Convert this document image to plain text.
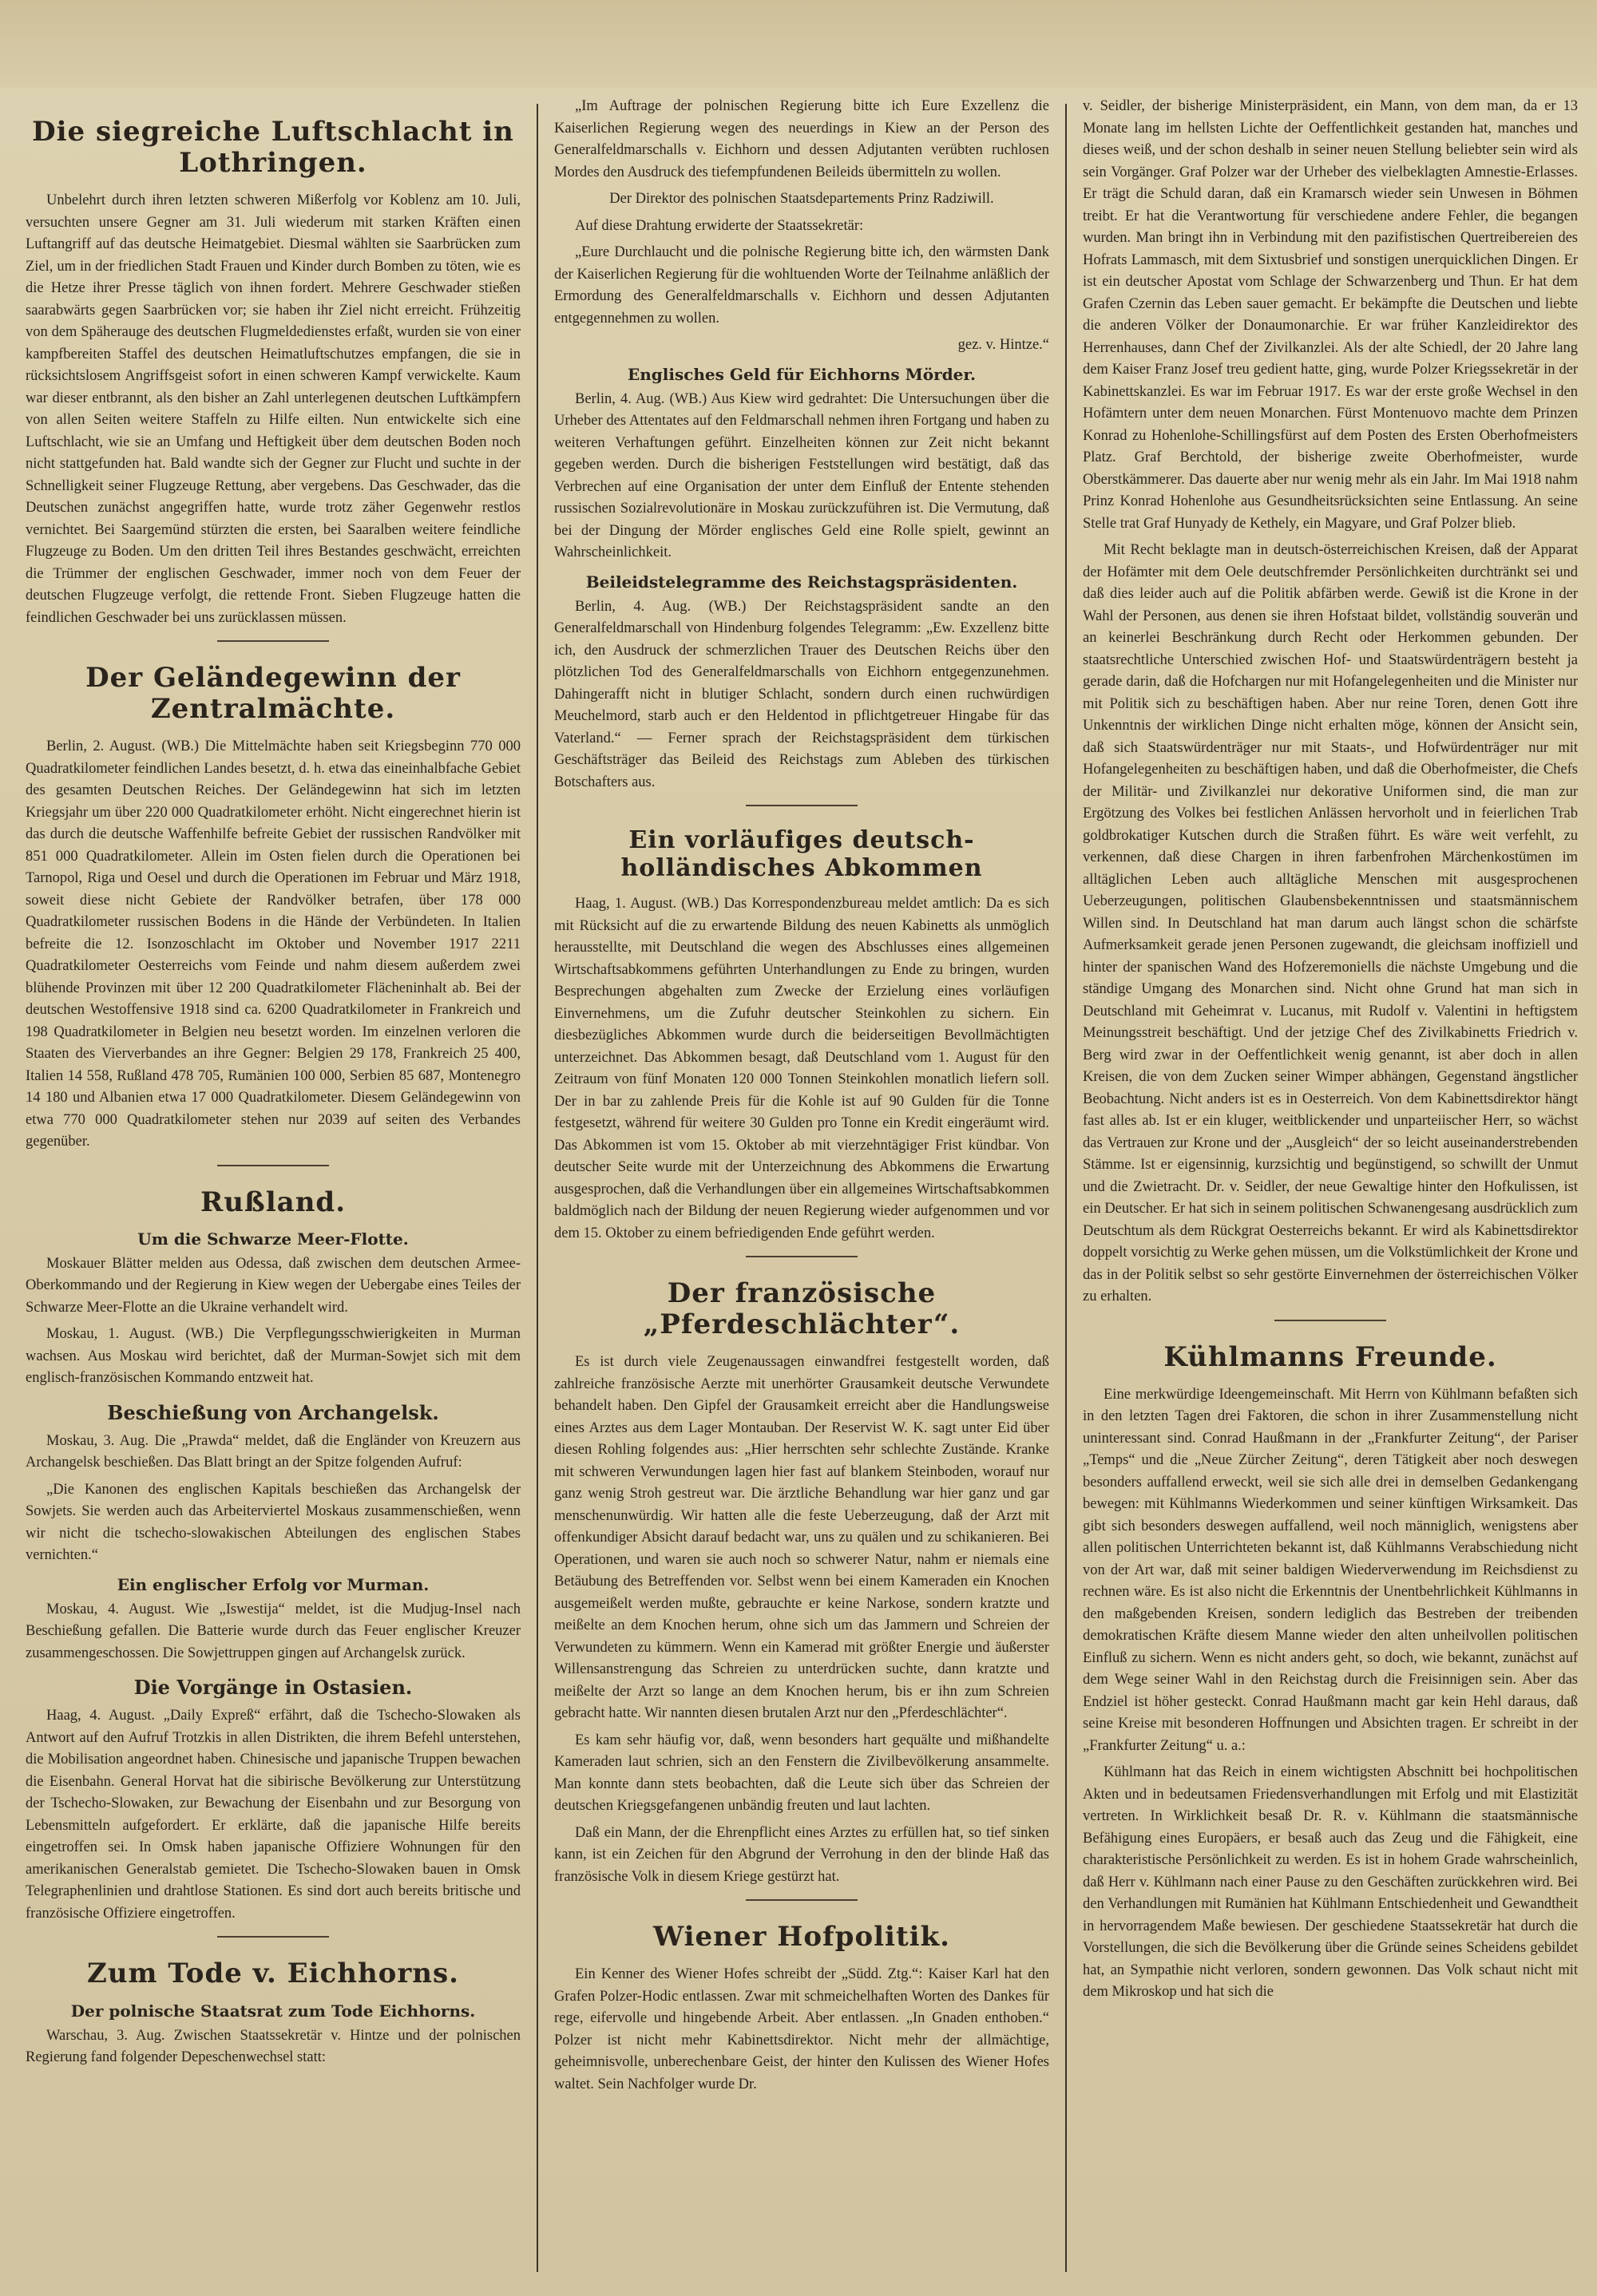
Die siegreiche Luftschlacht in Lothringen.

Unbelehrt durch ihren letzten schweren Mißerfolg vor Koblenz am 10. Juli, versuchten unsere Gegner am 31. Juli wiederum mit starken Kräften einen Luftangriff auf das deutsche Heimatgebiet. Diesmal wählten sie Saarbrücken zum Ziel, um in der friedlichen Stadt Frauen und Kinder durch Bomben zu töten, wie es die Hetze ihrer Presse täglich von ihnen fordert. Mehrere Geschwader stießen saarabwärts gegen Saarbrücken vor; sie haben ihr Ziel nicht erreicht. Frühzeitig von dem Späherauge des deutschen Flugmeldedienstes erfaßt, wurden sie von einer kampfbereiten Staffel des deutschen Heimatluftschutzes empfangen, die sie in rücksichtslosem Angriffsgeist sofort in einen schweren Kampf verwickelte. Kaum war dieser entbrannt, als den bisher an Zahl unterlegenen deutschen Luftkämpfern von allen Seiten weitere Staffeln zu Hilfe eilten. Nun entwickelte sich eine Luftschlacht, wie sie an Umfang und Heftigkeit über dem deutschen Boden noch nicht stattgefunden hat. Bald wandte sich der Gegner zur Flucht und suchte in der Schnelligkeit seiner Flugzeuge Rettung, aber vergebens. Das Geschwader, das die Deutschen zunächst angegriffen hatte, wurde trotz zäher Gegenwehr restlos vernichtet. Bei Saargemünd stürzten die ersten, bei Saaralben weitere feindliche Flugzeuge zu Boden. Um den dritten Teil ihres Bestandes geschwächt, erreichten die Trümmer der englischen Geschwader, immer noch von dem Feuer der deutschen Flugzeuge verfolgt, die rettende Front. Sieben Flugzeuge hatten die feindlichen Geschwader bei uns zurücklassen müssen.

Der Geländegewinn der Zentralmächte.

Berlin, 2. August. (WB.) Die Mittelmächte haben seit Kriegsbeginn 770 000 Quadratkilometer feindlichen Landes besetzt, d. h. etwa das eineinhalbfache Gebiet des gesamten Deutschen Reiches. Der Geländegewinn hat sich im letzten Kriegsjahr um über 220 000 Quadratkilometer erhöht. Nicht eingerechnet hierin ist das durch die deutsche Waffenhilfe befreite Gebiet der russischen Randvölker mit 851 000 Quadratkilometer. Allein im Osten fielen durch die Operationen bei Tarnopol, Riga und Oesel und durch die Operationen im Februar und März 1918, soweit diese nicht Gebiete der Randvölker betrafen, über 178 000 Quadratkilometer russischen Bodens in die Hände der Verbündeten. In Italien befreite die 12. Isonzoschlacht im Oktober und November 1917 2211 Quadratkilometer Oesterreichs vom Feinde und nahm diesem außerdem zwei blühende Provinzen mit über 12 200 Quadratkilometer Flächeninhalt ab. Bei der deutschen Westoffensive 1918 sind ca. 6200 Quadratkilometer in Frankreich und 198 Quadratkilometer in Belgien neu besetzt worden. Im einzelnen verloren die Staaten des Vierverbandes an ihre Gegner: Belgien 29 178, Frankreich 25 400, Italien 14 558, Rußland 478 705, Rumänien 100 000, Serbien 85 687, Montenegro 14 180 und Albanien etwa 17 000 Quadratkilometer. Diesem Geländegewinn von etwa 770 000 Quadratkilometer stehen nur 2039 auf seiten des Verbandes gegenüber.

Rußland.
Um die Schwarze Meer-Flotte.

Moskauer Blätter melden aus Odessa, daß zwischen dem deutschen Armee-Oberkommando und der Regierung in Kiew wegen der Uebergabe eines Teiles der Schwarze Meer-Flotte an die Ukraine verhandelt wird.

Moskau, 1. August. (WB.) Die Verpflegungsschwierigkeiten in Murman wachsen. Aus Moskau wird berichtet, daß der Murman-Sowjet sich mit dem englisch-französischen Kommando entzweit hat.

Beschießung von Archangelsk.

Moskau, 3. Aug. Die „Prawda“ meldet, daß die Engländer von Kreuzern aus Archangelsk beschießen. Das Blatt bringt an der Spitze folgenden Aufruf:

„Die Kanonen des englischen Kapitals beschießen das Archangelsk der Sowjets. Sie werden auch das Arbeiterviertel Moskaus zusammenschießen, wenn wir nicht die tschecho-slowakischen Abteilungen des englischen Stabes vernichten.“

Ein englischer Erfolg vor Murman.

Moskau, 4. August. Wie „Iswestija“ meldet, ist die Mudjug-Insel nach Beschießung gefallen. Die Batterie wurde durch das Feuer englischer Kreuzer zusammengeschossen. Die Sowjettruppen gingen auf Archangelsk zurück.

Die Vorgänge in Ostasien.

Haag, 4. August. „Daily Expreß“ erfährt, daß die Tschecho-Slowaken als Antwort auf den Aufruf Trotzkis in allen Distrikten, die ihrem Befehl unterstehen, die Mobilisation angeordnet haben. Chinesische und japanische Truppen bewachen die Eisenbahn. General Horvat hat die sibirische Bevölkerung zur Unterstützung der Tschecho-Slowaken, zur Bewachung der Eisenbahn und zur Besorgung von Lebensmitteln aufgefordert. Er erklärte, daß die japanische Hilfe bereits eingetroffen sei. In Omsk haben japanische Offiziere Wohnungen für den amerikanischen Generalstab gemietet. Die Tschecho-Slowaken bauen in Omsk Telegraphenlinien und drahtlose Stationen. Es sind dort auch bereits britische und französische Offiziere eingetroffen.

Zum Tode v. Eichhorns.
Der polnische Staatsrat zum Tode Eichhorns.

Warschau, 3. Aug. Zwischen Staatssekretär v. Hintze und der polnischen Regierung fand folgender Depeschenwechsel statt:

„Im Auftrage der polnischen Regierung bitte ich Eure Exzellenz die Kaiserlichen Regierung wegen des neuerdings in Kiew an der Person des Generalfeldmarschalls v. Eichhorn und dessen Adjutanten verübten ruchlosen Mordes den Ausdruck des tiefempfundenen Beileids übermitteln zu wollen.

Der Direktor des polnischen Staatsdepartements Prinz Radziwill.

Auf diese Drahtung erwiderte der Staatssekretär:

„Eure Durchlaucht und die polnische Regierung bitte ich, den wärmsten Dank der Kaiserlichen Regierung für die wohltuenden Worte der Teilnahme anläßlich der Ermordung des Generalfeldmarschalls v. Eichhorn und dessen Adjutanten entgegennehmen zu wollen.

gez. v. Hintze.“

Englisches Geld für Eichhorns Mörder.

Berlin, 4. Aug. (WB.) Aus Kiew wird gedrahtet: Die Untersuchungen über die Urheber des Attentates auf den Feldmarschall nehmen ihren Fortgang und haben zu weiteren Verhaftungen geführt. Einzelheiten können zur Zeit nicht bekannt gegeben werden. Durch die bisherigen Feststellungen wird bestätigt, daß das Verbrechen auf eine Organisation der unter dem Einfluß der Entente stehenden russischen Sozialrevolutionäre in Moskau zurückzuführen ist. Die Vermutung, daß bei der Dingung der Mörder englisches Geld eine Rolle spielt, gewinnt an Wahrscheinlichkeit.

Beileidstelegramme des Reichstagspräsidenten.

Berlin, 4. Aug. (WB.) Der Reichstagspräsident sandte an den Generalfeldmarschall von Hindenburg folgendes Telegramm: „Ew. Exzellenz bitte ich, den Ausdruck der schmerzlichen Trauer des Deutschen Reichs über den plötzlichen Tod des Generalfeldmarschalls von Eichhorn entgegenzunehmen. Dahingerafft nicht in blutiger Schlacht, sondern durch einen ruchwürdigen Meuchelmord, starb auch er den Heldentod in pflichtgetreuer Hingabe für das Vaterland.“ — Ferner sprach der Reichstagspräsident dem türkischen Geschäftsträger das Beileid des Reichstags zum Ableben des türkischen Botschafters aus.

Ein vorläufiges deutsch-holländisches Abkommen

Haag, 1. August. (WB.) Das Korrespondenzbureau meldet amtlich: Da es sich mit Rücksicht auf die zu erwartende Bildung des neuen Kabinetts als unmöglich herausstellte, mit Deutschland die wegen des Abschlusses eines allgemeinen Wirtschaftsabkommens geführten Unterhandlungen zu Ende zu bringen, wurden Besprechungen abgehalten zum Zwecke der Erzielung eines vorläufigen Einvernehmens, um die Zufuhr deutscher Steinkohlen zu sichern. Ein diesbezügliches Abkommen wurde durch die beiderseitigen Bevollmächtigten unterzeichnet. Das Abkommen besagt, daß Deutschland vom 1. August für den Zeitraum von fünf Monaten 120 000 Tonnen Steinkohlen monatlich liefern soll. Der in bar zu zahlende Preis für die Kohle ist auf 90 Gulden für die Tonne festgesetzt, während für weitere 30 Gulden pro Tonne ein Kredit eingeräumt wird. Das Abkommen ist vom 15. Oktober ab mit vierzehntägiger Frist kündbar. Von deutscher Seite wurde mit der Unterzeichnung des Abkommens die Erwartung ausgesprochen, daß die Verhandlungen über ein allgemeines Wirtschaftsabkommen baldmöglich nach der Bildung der neuen Regierung wieder aufgenommen und vor dem 15. Oktober zu einem befriedigenden Ende geführt werden.

Der französische „Pferdeschlächter“.

Es ist durch viele Zeugenaussagen einwandfrei festgestellt worden, daß zahlreiche französische Aerzte mit unerhörter Grausamkeit deutsche Verwundete behandelt haben. Den Gipfel der Grausamkeit erreicht aber die Handlungsweise eines Arztes aus dem Lager Montauban. Der Reservist W. K. sagt unter Eid über diesen Rohling folgendes aus: „Hier herrschten sehr schlechte Zustände. Kranke mit schweren Verwundungen lagen hier fast auf blankem Steinboden, worauf nur ganz wenig Stroh gestreut war. Die ärztliche Behandlung war hier ganz und gar menschenunwürdig. Wir hatten alle die feste Ueberzeugung, daß der Arzt mit offenkundiger Absicht darauf bedacht war, uns zu quälen und zu schikanieren. Bei Operationen, und waren sie auch noch so schwerer Natur, nahm er niemals eine Betäubung des Betreffenden vor. Selbst wenn bei einem Kameraden ein Knochen ausgemeißelt werden mußte, gebrauchte er keine Narkose, sondern kratzte und meißelte an dem Knochen herum, ohne sich um das Jammern und Schreien der Verwundeten zu kümmern. Wenn ein Kamerad mit größter Energie und äußerster Willensanstrengung das Schreien zu unterdrücken suchte, dann kratzte und meißelte der Arzt so lange an dem Knochen herum, bis er ihn zum Schreien gebracht hatte. Wir nannten diesen brutalen Arzt nur den „Pferdeschlächter“.

Es kam sehr häufig vor, daß, wenn besonders hart gequälte und mißhandelte Kameraden laut schrien, sich an den Fenstern die Zivilbevölkerung ansammelte. Man konnte dann stets beobachten, daß die Leute sich über das Schreien der deutschen Kriegsgefangenen unbändig freuten und laut lachten.

Daß ein Mann, der die Ehrenpflicht eines Arztes zu erfüllen hat, so tief sinken kann, ist ein Zeichen für den Abgrund der Verrohung in den der blinde Haß das französische Volk in diesem Kriege gestürzt hat.

Wiener Hofpolitik.

Ein Kenner des Wiener Hofes schreibt der „Südd. Ztg.“: Kaiser Karl hat den Grafen Polzer-Hodic entlassen. Zwar mit schmeichelhaften Worten des Dankes für rege, eifervolle und hingebende Arbeit. Aber entlassen. „In Gnaden enthoben.“ Polzer ist nicht mehr Kabinettsdirektor. Nicht mehr der allmächtige, geheimnisvolle, unberechenbare Geist, der hinter den Kulissen des Wiener Hofes waltet. Sein Nachfolger wurde Dr.

v. Seidler, der bisherige Ministerpräsident, ein Mann, von dem man, da er 13 Monate lang im hellsten Lichte der Oeffentlichkeit gestanden hat, manches und dieses weiß, und der schon deshalb in seiner neuen Stellung beliebter sein wird als sein Vorgänger. Graf Polzer war der Urheber des vielbeklagten Amnestie-Erlasses. Er trägt die Schuld daran, daß ein Kramarsch wieder sein Unwesen in Böhmen treibt. Er hat die Verantwortung für verschiedene andere Fehler, die begangen wurden. Man bringt ihn in Verbindung mit den pazifistischen Quertreibereien des Hofrats Lammasch, mit dem Sixtusbrief und sonstigen unerquicklichen Dingen. Er ist ein deutscher Apostat vom Schlage der Schwarzenberg und Thun. Er hat dem Grafen Czernin das Leben sauer gemacht. Er bekämpfte die Deutschen und liebte die anderen Völker der Donaumonarchie. Er war früher Kanzleidirektor des Herrenhauses, dann Chef der Zivilkanzlei. Als der alte Schiedl, der 20 Jahre lang dem Kaiser Franz Josef treu gedient hatte, ging, wurde Polzer Kriegssekretär in der Kabinettskanzlei. Es war im Februar 1917. Es war der erste große Wechsel in den Hofämtern unter dem neuen Monarchen. Fürst Montenuovo machte dem Prinzen Konrad zu Hohenlohe-Schillingsfürst auf dem Posten des Ersten Oberhofmeisters Platz. Graf Berchtold, der bisherige zweite Oberhofmeister, wurde Oberstkämmerer. Das dauerte aber nur wenig mehr als ein Jahr. Im Mai 1918 nahm Prinz Konrad Hohenlohe aus Gesundheitsrücksichten seine Entlassung. An seine Stelle trat Graf Hunyady de Kethely, ein Magyare, und Graf Polzer blieb.

Mit Recht beklagte man in deutsch-österreichischen Kreisen, daß der Apparat der Hofämter mit dem Oele deutschfremder Persönlichkeiten durchtränkt sei und daß dies leider auch auf die Politik abfärben werde. Gewiß ist die Krone in der Wahl der Personen, aus denen sie ihren Hofstaat bildet, vollständig souverän und an keinerlei Beschränkung durch Recht oder Herkommen gebunden. Der staatsrechtliche Unterschied zwischen Hof- und Staatswürdenträgern besteht ja gerade darin, daß die Hofchargen nur mit Hofangelegenheiten und die Minister nur mit Politik sich zu beschäftigen haben. Aber nur reine Toren, denen Gott ihre Unkenntnis der wirklichen Dinge nicht erhalten möge, können der Ansicht sein, daß sich Staatswürdenträger nur mit Staats-, und Hofwürdenträger nur mit Hofangelegenheiten zu beschäftigen haben, und daß die Oberhofmeister, die Chefs der Militär- und Zivilkanzlei nur dekorative Uniformen sind, die man zur Ergötzung des Volkes bei festlichen Anlässen hervorholt und in feierlichen Trab goldbrokatiger Kutschen durch die Straßen führt. Es wäre weit verfehlt, zu verkennen, daß diese Chargen in ihren farbenfrohen Märchenkostümen im alltäglichen Leben auch alltägliche Menschen mit ausgesprochenen Ueberzeugungen, politischen Glaubensbekenntnissen und staatsmännischem Willen sind. In Deutschland hat man darum auch längst schon die schärfste Aufmerksamkeit gerade jenen Personen zugewandt, die gleichsam inoffiziell und hinter der spanischen Wand des Hofzeremoniells die nächste Umgebung und die ständige Umgang des Monarchen sind. Nicht ohne Grund hat man sich in Deutschland mit Geheimrat v. Lucanus, mit Rudolf v. Valentini in heftigstem Meinungsstreit beschäftigt. Und der jetzige Chef des Zivilkabinetts Friedrich v. Berg wird zwar in der Oeffentlichkeit wenig genannt, ist aber doch in allen Kreisen, die von dem Zucken seiner Wimper abhängen, Gegenstand ängstlicher Beobachtung. Nicht anders ist es in Oesterreich. Von dem Kabinettsdirektor hängt fast alles ab. Ist er ein kluger, weitblickender und unparteiischer Herr, so wächst das Vertrauen zur Krone und der „Ausgleich“ der so leicht auseinanderstrebenden Stämme. Ist er eigensinnig, kurzsichtig und begünstigend, so schwillt der Unmut und die Zwietracht. Dr. v. Seidler, der neue Gewaltige hinter den Hofkulissen, ist ein Deutscher. Er hat sich in seinem politischen Schwanengesang ausdrücklich zum Deutschtum als dem Rückgrat Oesterreichs bekannt. Er wird als Kabinettsdirektor doppelt vorsichtig zu Werke gehen müssen, um die Volkstümlichkeit der Krone und das in der Politik selbst so sehr gestörte Einvernehmen der österreichischen Völker zu erhalten.

Kühlmanns Freunde.

Eine merkwürdige Ideengemeinschaft. Mit Herrn von Kühlmann befaßten sich in den letzten Tagen drei Faktoren, die schon in ihrer Zusammenstellung nicht uninteressant sind. Conrad Haußmann in der „Frankfurter Zeitung“, der Pariser „Temps“ und die „Neue Zürcher Zeitung“, deren Tätigkeit aber noch deswegen besonders auffallend erweckt, weil sie sich alle drei in demselben Gedankengang bewegen: mit Kühlmanns Wiederkommen und seiner künftigen Wirksamkeit. Das gibt sich besonders deswegen auffallend, weil noch männiglich, wenigstens aber allen politischen Unterrichteten bekannt ist, daß Kühlmanns Verabschiedung nicht von der Art war, daß mit seiner baldigen Wiederverwendung im Reichsdienst zu rechnen wäre. Es ist also nicht die Erkenntnis der Unentbehrlichkeit Kühlmanns in den maßgebenden Kreisen, sondern lediglich das Bestreben der treibenden demokratischen Kräfte diesem Manne wieder den alten unheilvollen politischen Einfluß zu sichern. Wenn es nicht anders geht, so doch, wie bekannt, zunächst auf dem Wege seiner Wahl in den Reichstag durch die Freisinnigen sein. Aber das Endziel ist höher gesteckt. Conrad Haußmann macht gar kein Hehl daraus, daß seine Kreise mit besonderen Hoffnungen und Absichten tragen. Er schreibt in der „Frankfurter Zeitung“ u. a.:

Kühlmann hat das Reich in einem wichtigsten Abschnitt bei hochpolitischen Akten und in bedeutsamen Friedensverhandlungen mit Erfolg und mit Elastizität vertreten. In Wirklichkeit besaß Dr. R. v. Kühlmann die staatsmännische Befähigung eines Europäers, er besaß auch das Zeug und die Fähigkeit, eine charakteristische Persönlichkeit zu werden. Es ist in hohem Grade wahrscheinlich, daß Herr v. Kühlmann nach einer Pause zu den Geschäften zurückkehren wird. Bei den Verhandlungen mit Rumänien hat Kühlmann Entschiedenheit und Gewandtheit in hervorragendem Maße bewiesen. Der geschiedene Staatssekretär hat durch die Vorstellungen, die sich die Bevölkerung über die Gründe seines Scheidens gebildet hat, an Sympathie nicht verloren, sondern gewonnen. Das Volk schaut nicht mit dem Mikroskop und hat sich die
